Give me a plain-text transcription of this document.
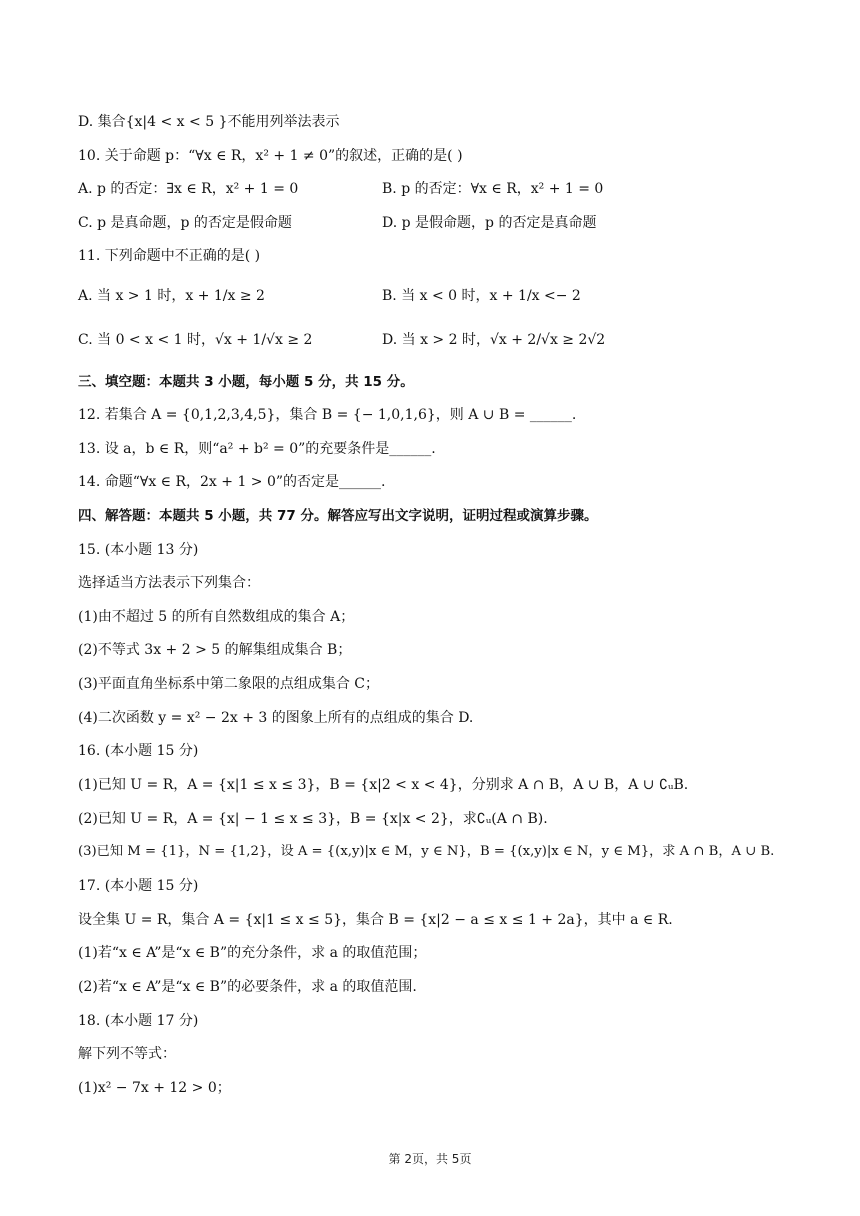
D. 集合{x|4 < x < 5 }不能用列举法表示
10. 关于命题 p：“∀x ∈ R，x² + 1 ≠ 0”的叙述，正确的是( )
A. p 的否定：∃x ∈ R，x² + 1 = 0	B. p 的否定：∀x ∈ R，x² + 1 = 0
C. p 是真命题，p 的否定是假命题	D. p 是假命题，p 的否定是真命题
11. 下列命题中不正确的是( )
A. 当 x > 1 时，x + 1/x ≥ 2	B. 当 x < 0 时，x + 1/x <− 2
C. 当 0 < x < 1 时，√x + 1/√x ≥ 2	D. 当 x > 2 时，√x + 2/√x ≥ 2√2
三、填空题：本题共 3 小题，每小题 5 分，共 15 分。
12. 若集合 A = {0,1,2,3,4,5}，集合 B = {− 1,0,1,6}，则 A ∪ B = ______.
13. 设 a，b ∈ R，则“a² + b² = 0”的充要条件是______.
14. 命题“∀x ∈ R，2x + 1 > 0”的否定是______.
四、解答题：本题共 5 小题，共 77 分。解答应写出文字说明，证明过程或演算步骤。
15. (本小题 13 分)
选择适当方法表示下列集合：
(1)由不超过 5 的所有自然数组成的集合 A；
(2)不等式 3x + 2 > 5 的解集组成集合 B；
(3)平面直角坐标系中第二象限的点组成集合 C；
(4)二次函数 y = x² − 2x + 3 的图象上所有的点组成的集合 D.
16. (本小题 15 分)
(1)已知 U = R，A = {x|1 ≤ x ≤ 3}，B = {x|2 < x < 4}，分别求 A ∩ B，A ∪ B，A ∪ ∁ᵤB.
(2)已知 U = R，A = {x| − 1 ≤ x ≤ 3}，B = {x|x < 2}，求∁ᵤ(A ∩ B).
(3)已知 M = {1}，N = {1,2}，设 A = {(x,y)|x ∈ M，y ∈ N}，B = {(x,y)|x ∈ N，y ∈ M}，求 A ∩ B，A ∪ B.
17. (本小题 15 分)
设全集 U = R，集合 A = {x|1 ≤ x ≤ 5}，集合 B = {x|2 − a ≤ x ≤ 1 + 2a}，其中 a ∈ R.
(1)若“x ∈ A”是“x ∈ B”的充分条件，求 a 的取值范围；
(2)若“x ∈ A”是“x ∈ B”的必要条件，求 a 的取值范围.
18. (本小题 17 分)
解下列不等式：
(1)x² − 7x + 12 > 0；
第 2页，共 5页
